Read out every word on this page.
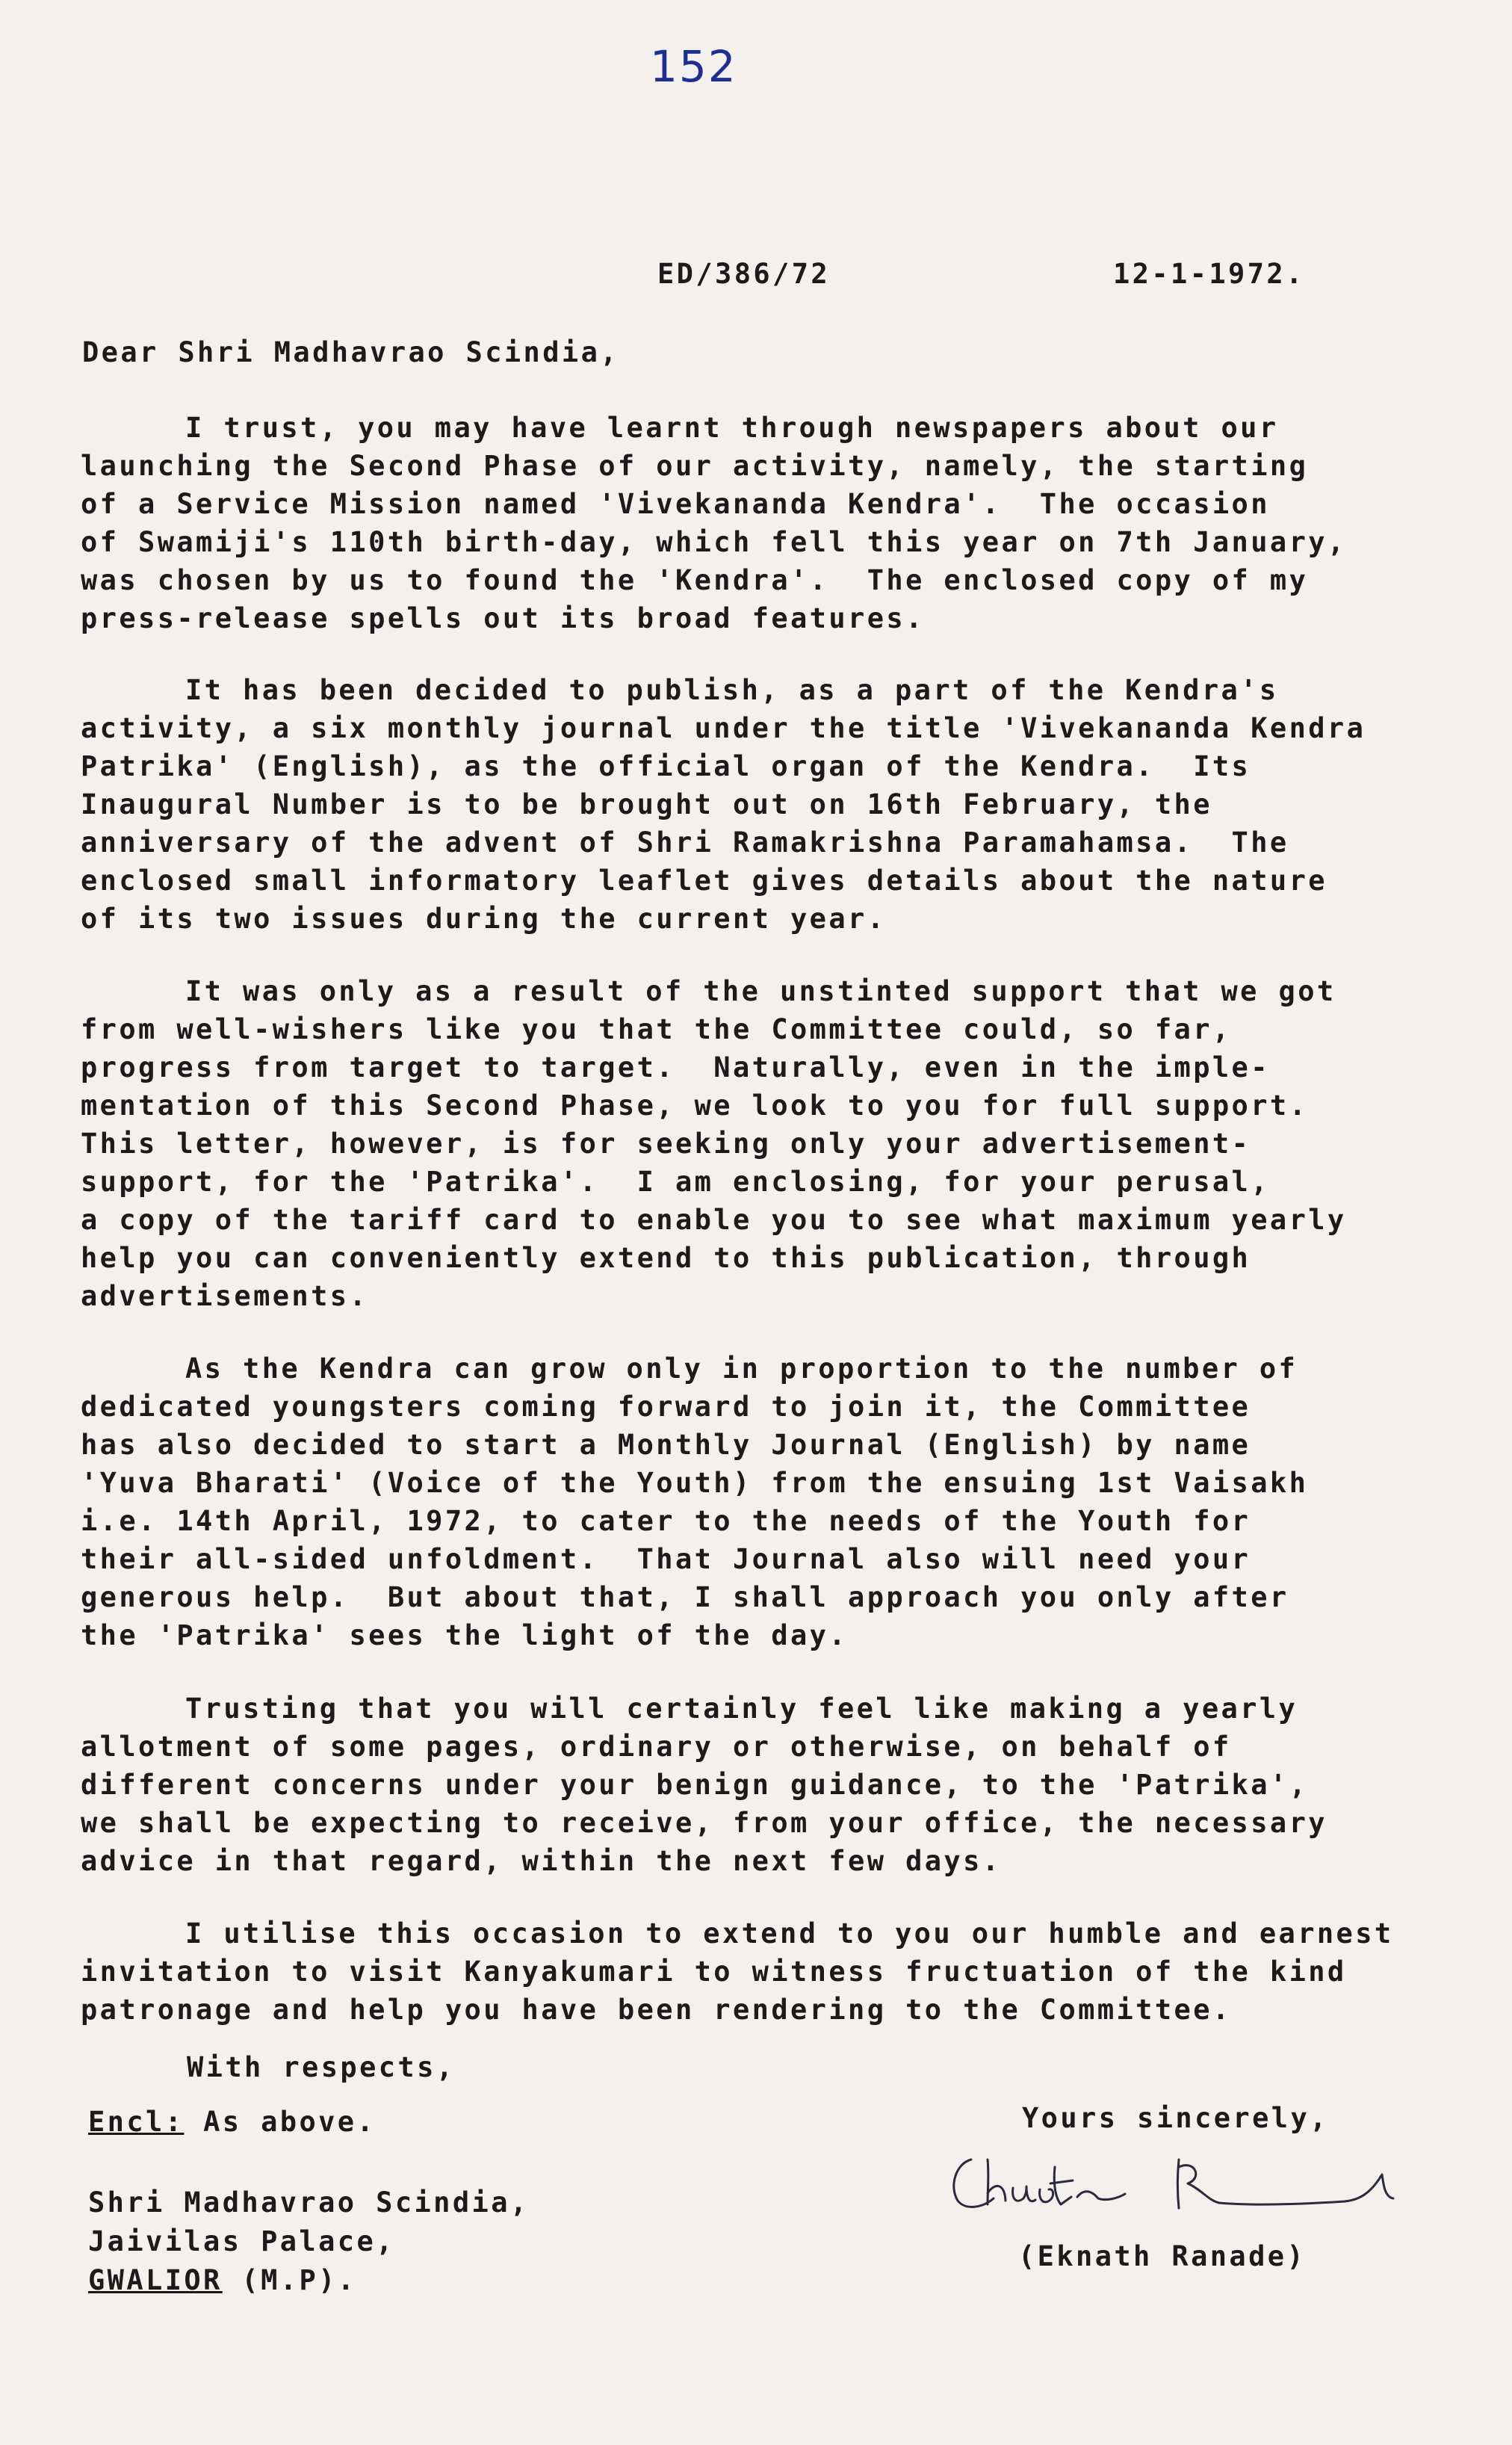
152
ED/386/72	12-1-1972.
Dear Shri Madhavrao Scindia,

I trust, you may have learnt through newspapers about our
launching the Second Phase of our activity, namely, the starting
of a Service Mission named 'Vivekananda Kendra'.  The occasion
of Swamiji's 110th birth-day, which fell this year on 7th January,
was chosen by us to found the 'Kendra'.  The enclosed copy of my
press-release spells out its broad features.

It has been decided to publish, as a part of the Kendra's
activity, a six monthly journal under the title 'Vivekananda Kendra
Patrika' (English), as the official organ of the Kendra.  Its
Inaugural Number is to be brought out on 16th February, the
anniversary of the advent of Shri Ramakrishna Paramahamsa.  The
enclosed small informatory leaflet gives details about the nature
of its two issues during the current year.

It was only as a result of the unstinted support that we got
from well-wishers like you that the Committee could, so far,
progress from target to target.  Naturally, even in the imple-
mentation of this Second Phase, we look to you for full support.
This letter, however, is for seeking only your advertisement-
support, for the 'Patrika'.  I am enclosing, for your perusal,
a copy of the tariff card to enable you to see what maximum yearly
help you can conveniently extend to this publication, through
advertisements.

As the Kendra can grow only in proportion to the number of
dedicated youngsters coming forward to join it, the Committee
has also decided to start a Monthly Journal (English) by name
'Yuva Bharati' (Voice of the Youth) from the ensuing 1st Vaisakh
i.e. 14th April, 1972, to cater to the needs of the Youth for
their all-sided unfoldment.  That Journal also will need your
generous help.  But about that, I shall approach you only after
the 'Patrika' sees the light of the day.

Trusting that you will certainly feel like making a yearly
allotment of some pages, ordinary or otherwise, on behalf of
different concerns under your benign guidance, to the 'Patrika',
we shall be expecting to receive, from your office, the necessary
advice in that regard, within the next few days.

I utilise this occasion to extend to you our humble and earnest
invitation to visit Kanyakumari to witness fructuation of the kind
patronage and help you have been rendering to the Committee.

With respects,
Encl: As above.	Yours sincerely,
(Eknath Ranade)
Shri Madhavrao Scindia,
Jaivilas Palace,
GWALIOR (M.P).
